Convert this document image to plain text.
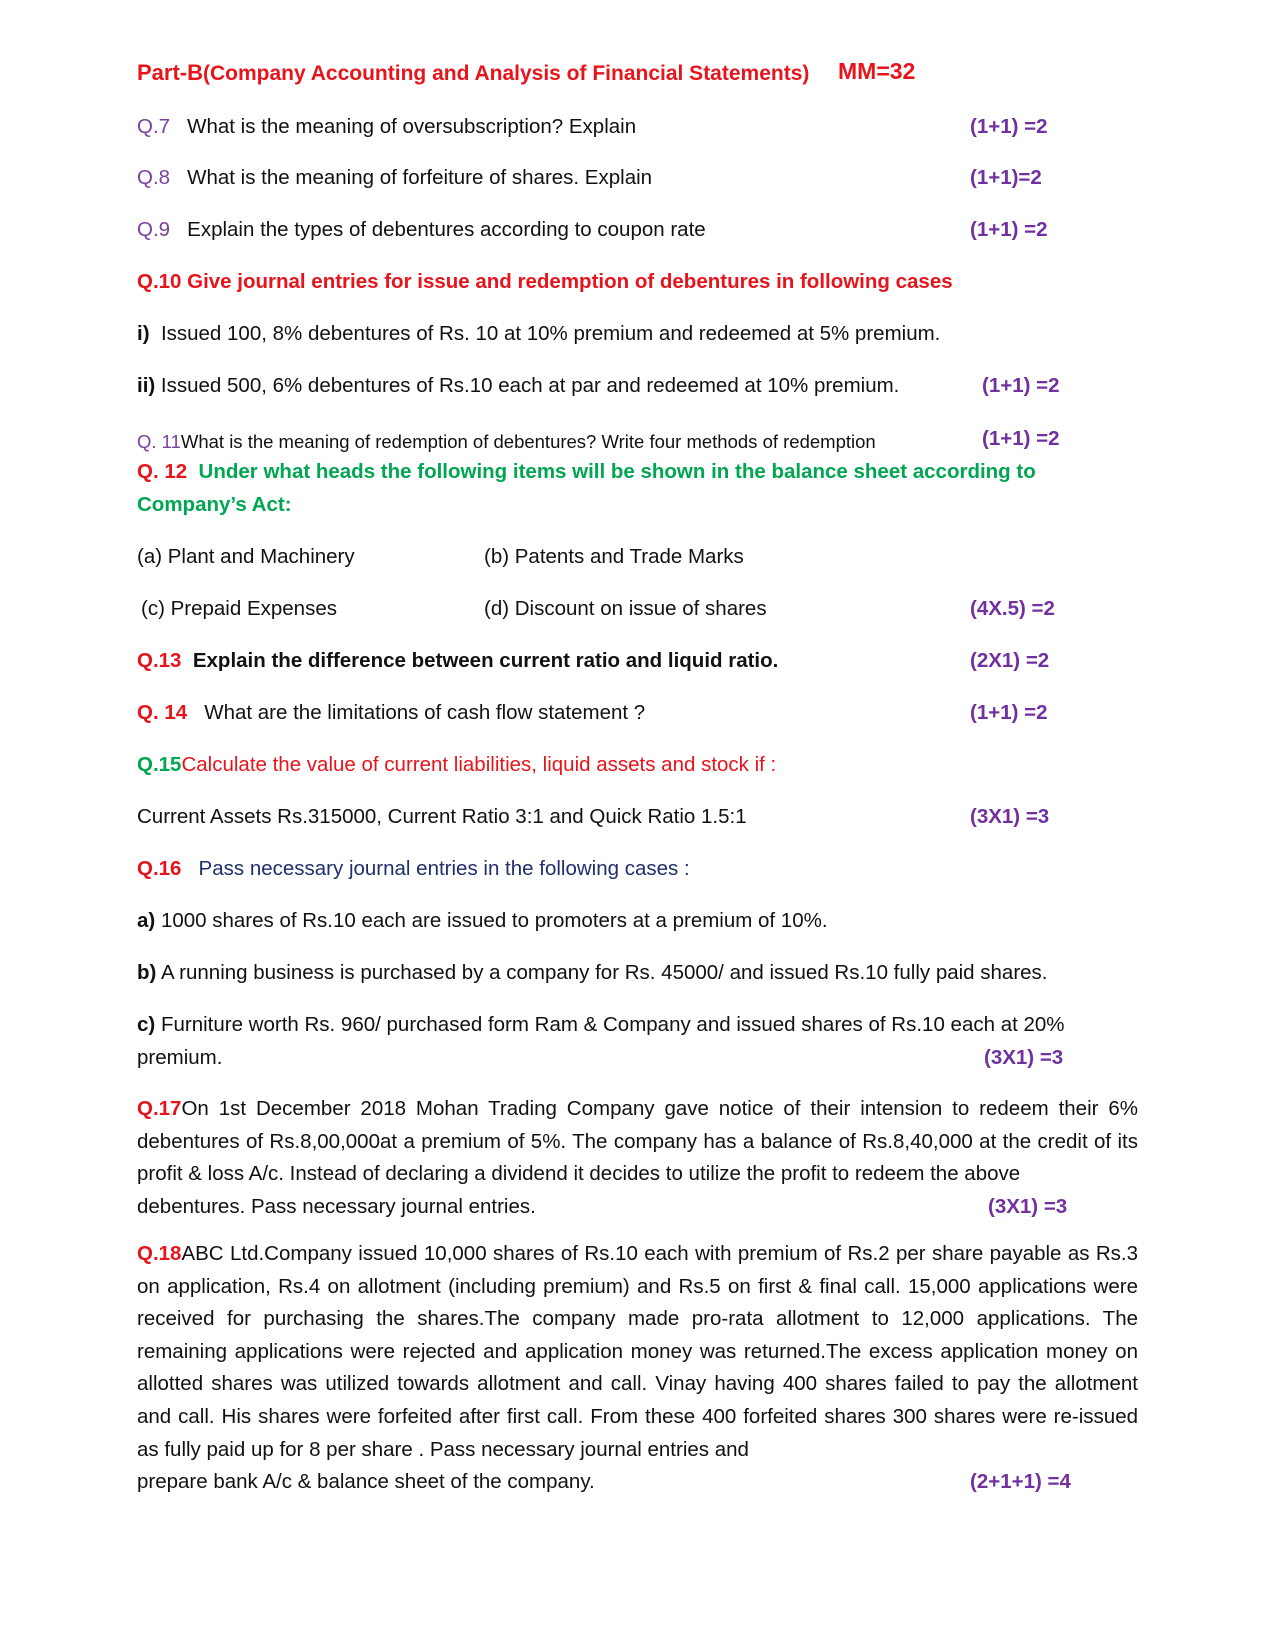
Part-B(Company Accounting and Analysis of Financial Statements) MM=32
Q.7 What is the meaning of oversubscription? Explain	(1+1) =2
Q.8 What is the meaning of forfeiture of shares. Explain	(1+1)=2
Q.9 Explain the types of debentures according to coupon rate	(1+1) =2
Q.10 Give journal entries for issue and redemption of debentures in following cases
i) Issued 100, 8% debentures of Rs. 10 at 10% premium and redeemed at 5% premium.
ii) Issued 500, 6% debentures of Rs.10 each at par and redeemed at 10% premium.	(1+1) =2
Q. 11What is the meaning of redemption of debentures? Write four methods of redemption	(1+1) =2
Q. 12 Under what heads the following items will be shown in the balance sheet according to
Company’s Act:
(a) Plant and Machinery	(b) Patents and Trade Marks
(c) Prepaid Expenses	(d) Discount on issue of shares	(4X.5) =2
Q.13 Explain the difference between current ratio and liquid ratio.	(2X1) =2
Q. 14 What are the limitations of cash flow statement ?	(1+1) =2
Q.15Calculate the value of current liabilities, liquid assets and stock if :
Current Assets Rs.315000, Current Ratio 3:1 and Quick Ratio 1.5:1	(3X1) =3
Q.16 Pass necessary journal entries in the following cases :
a) 1000 shares of Rs.10 each are issued to promoters at a premium of 10%.
b) A running business is purchased by a company for Rs. 45000/ and issued Rs.10 fully paid shares.
c) Furniture worth Rs. 960/ purchased form Ram & Company and issued shares of Rs.10 each at 20%
premium.	(3X1) =3
Q.17On 1st December 2018 Mohan Trading Company gave notice of their intension to redeem their 6% debentures of Rs.8,00,000at a premium of 5%. The company has a balance of Rs.8,40,000 at the credit of its profit & loss A/c. Instead of declaring a dividend it decides to utilize the profit to redeem the above
debentures. Pass necessary journal entries.	(3X1) =3
Q.18ABC Ltd.Company issued 10,000 shares of Rs.10 each with premium of Rs.2 per share payable as Rs.3 on application, Rs.4 on allotment (including premium) and Rs.5 on first & final call. 15,000 applications were received for purchasing the shares.The company made pro-rata allotment to 12,000 applications. The remaining applications were rejected and application money was returned.The excess application money on allotted shares was utilized towards allotment and call. Vinay having 400 shares failed to pay the allotment and call. His shares were forfeited after first call. From these 400 forfeited shares 300 shares were re-issued as fully paid up for 8 per share . Pass necessary journal entries and
prepare bank A/c & balance sheet of the company.	(2+1+1) =4
